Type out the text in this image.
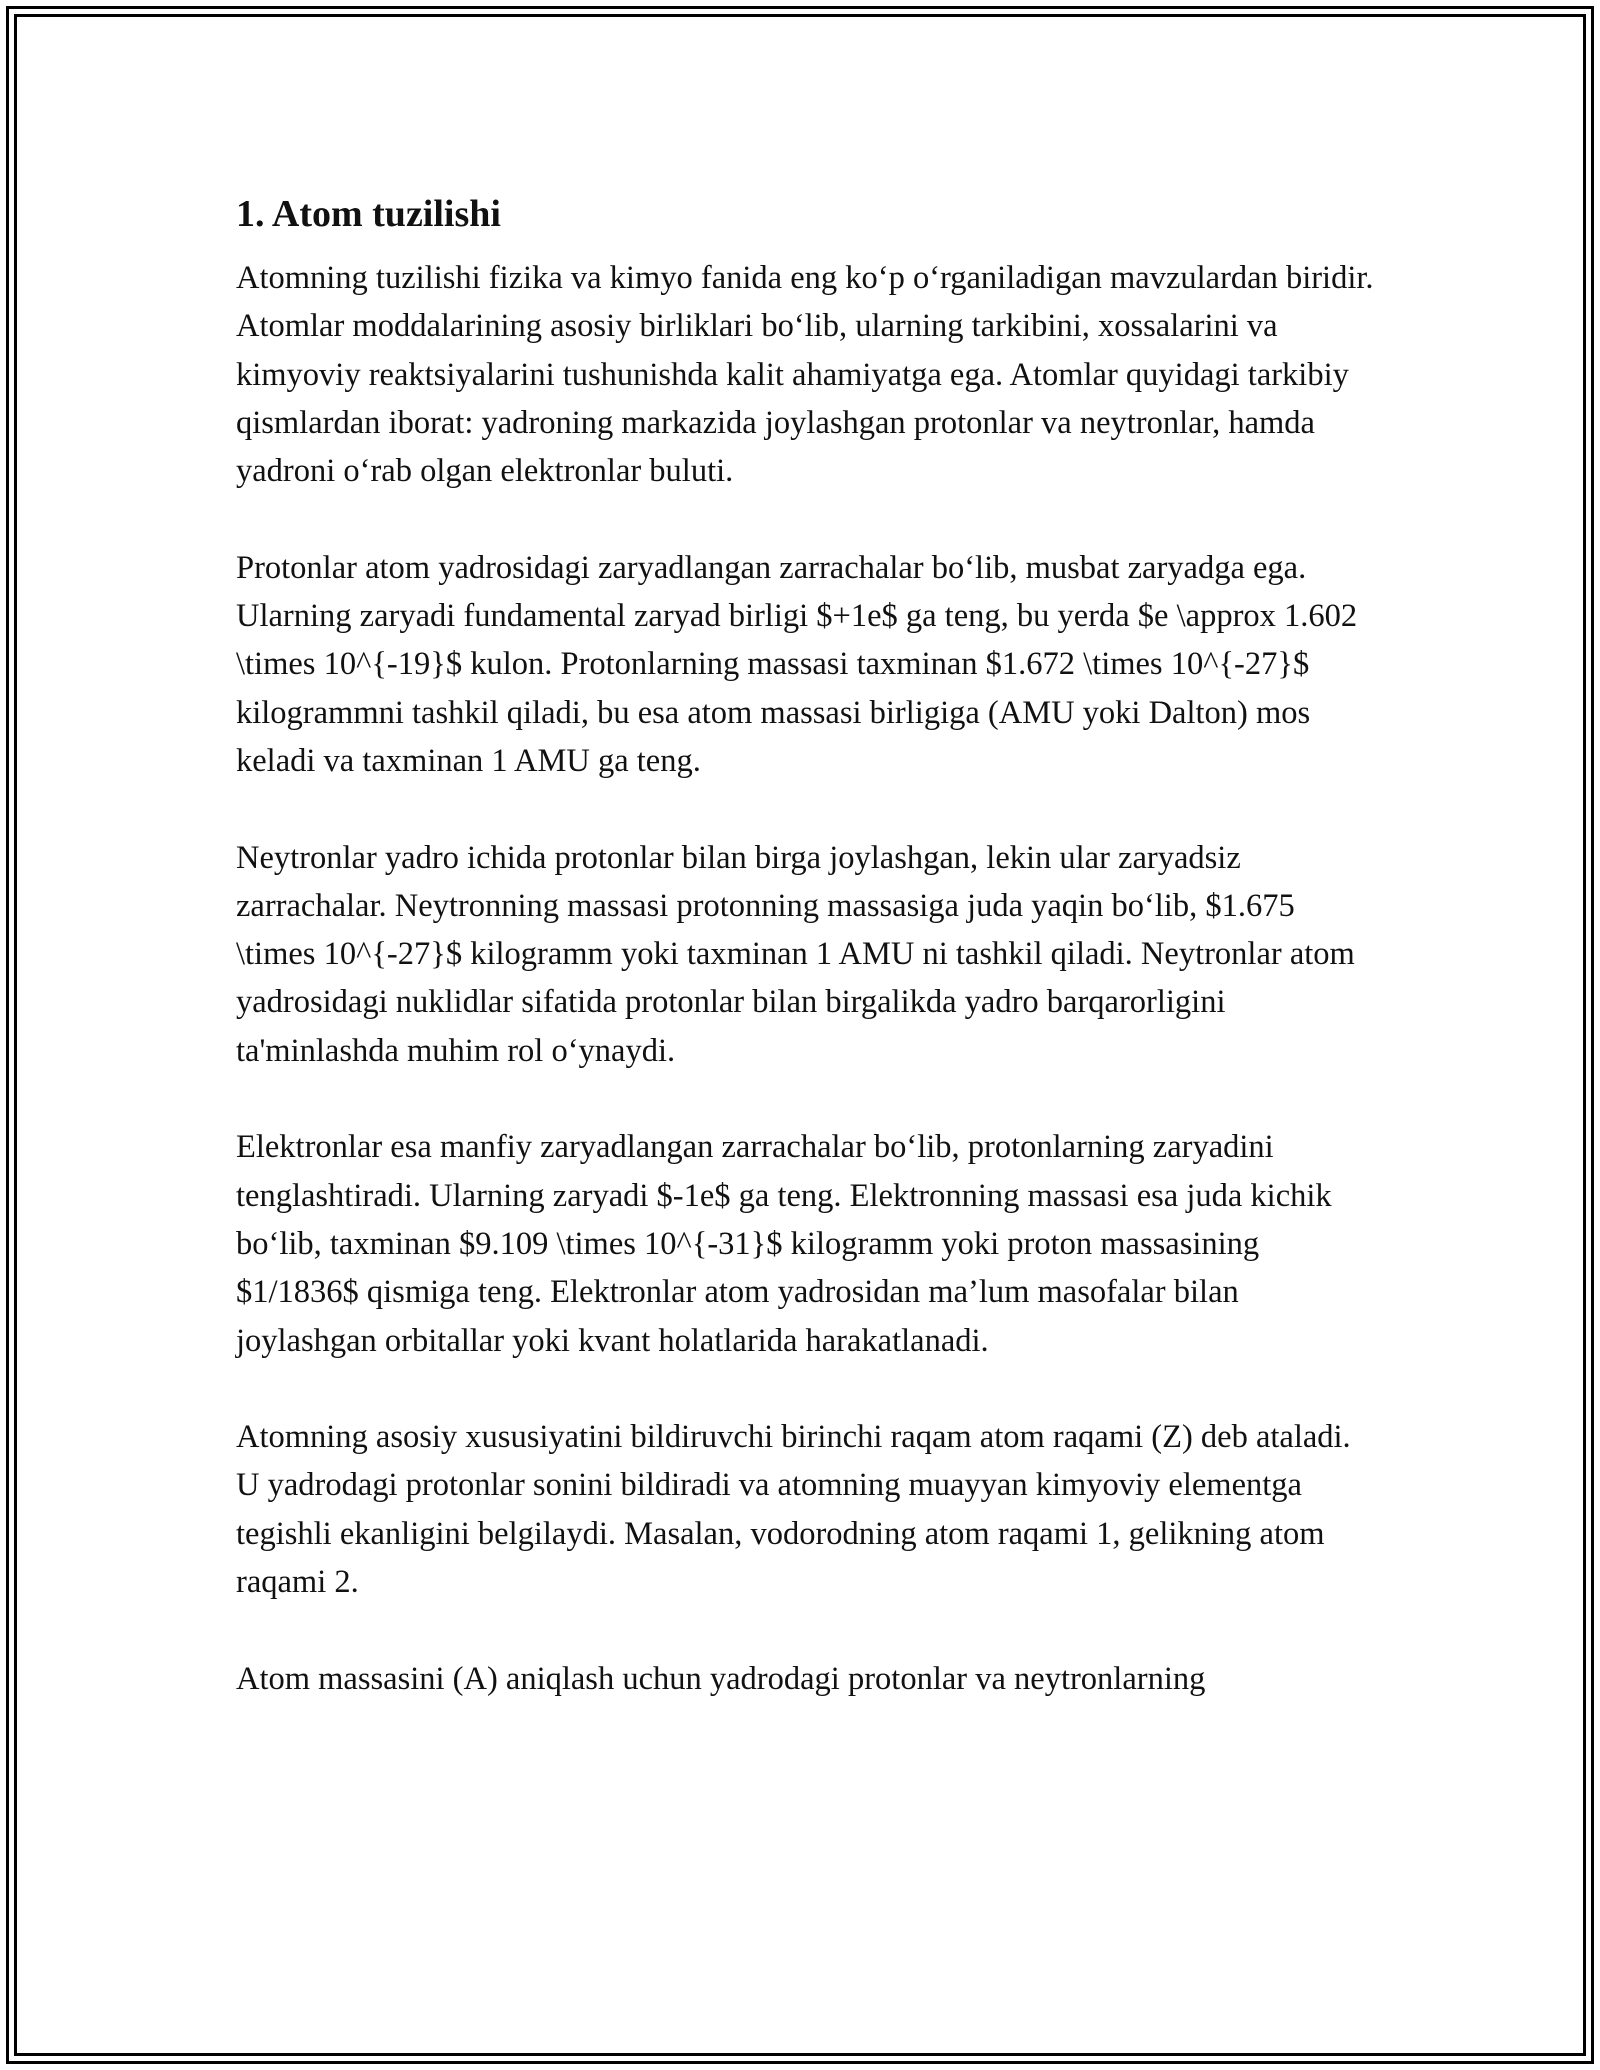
1. Atom tuzilishi

Atomning tuzilishi fizika va kimyo fanida eng ko‘p o‘rganiladigan mavzulardan biridir. Atomlar moddalarining asosiy birliklari bo‘lib, ularning tarkibini, xossalarini va kimyoviy reaktsiyalarini tushunishda kalit ahamiyatga ega. Atomlar quyidagi tarkibiy qismlardan iborat: yadroning markazida joylashgan protonlar va neytronlar, hamda yadroni o‘rab olgan elektronlar buluti.

Protonlar atom yadrosidagi zaryadlangan zarrachalar bo‘lib, musbat zaryadga ega. Ularning zaryadi fundamental zaryad birligi $+1e$ ga teng, bu yerda $e \approx 1.602 \times 10^{-19}$ kulon. Protonlarning massasi taxminan $1.672 \times 10^{-27}$ kilogrammni tashkil qiladi, bu esa atom massasi birligiga (AMU yoki Dalton) mos keladi va taxminan 1 AMU ga teng.

Neytronlar yadro ichida protonlar bilan birga joylashgan, lekin ular zaryadsiz zarrachalar. Neytronning massasi protonning massasiga juda yaqin bo‘lib, $1.675 \times 10^{-27}$ kilogramm yoki taxminan 1 AMU ni tashkil qiladi. Neytronlar atom yadrosidagi nuklidlar sifatida protonlar bilan birgalikda yadro barqarorligini ta'minlashda muhim rol o‘ynaydi.

Elektronlar esa manfiy zaryadlangan zarrachalar bo‘lib, protonlarning zaryadini tenglashtiradi. Ularning zaryadi $-1e$ ga teng. Elektronning massasi esa juda kichik bo‘lib, taxminan $9.109 \times 10^{-31}$ kilogramm yoki proton massasining $1/1836$ qismiga teng. Elektronlar atom yadrosidan ma’lum masofalar bilan joylashgan orbitallar yoki kvant holatlarida harakatlanadi.

Atomning asosiy xususiyatini bildiruvchi birinchi raqam atom raqami (Z) deb ataladi. U yadrodagi protonlar sonini bildiradi va atomning muayyan kimyoviy elementga tegishli ekanligini belgilaydi. Masalan, vodorodning atom raqami 1, gelikning atom raqami 2.

Atom massasini (A) aniqlash uchun yadrodagi protonlar va neytronlarning
